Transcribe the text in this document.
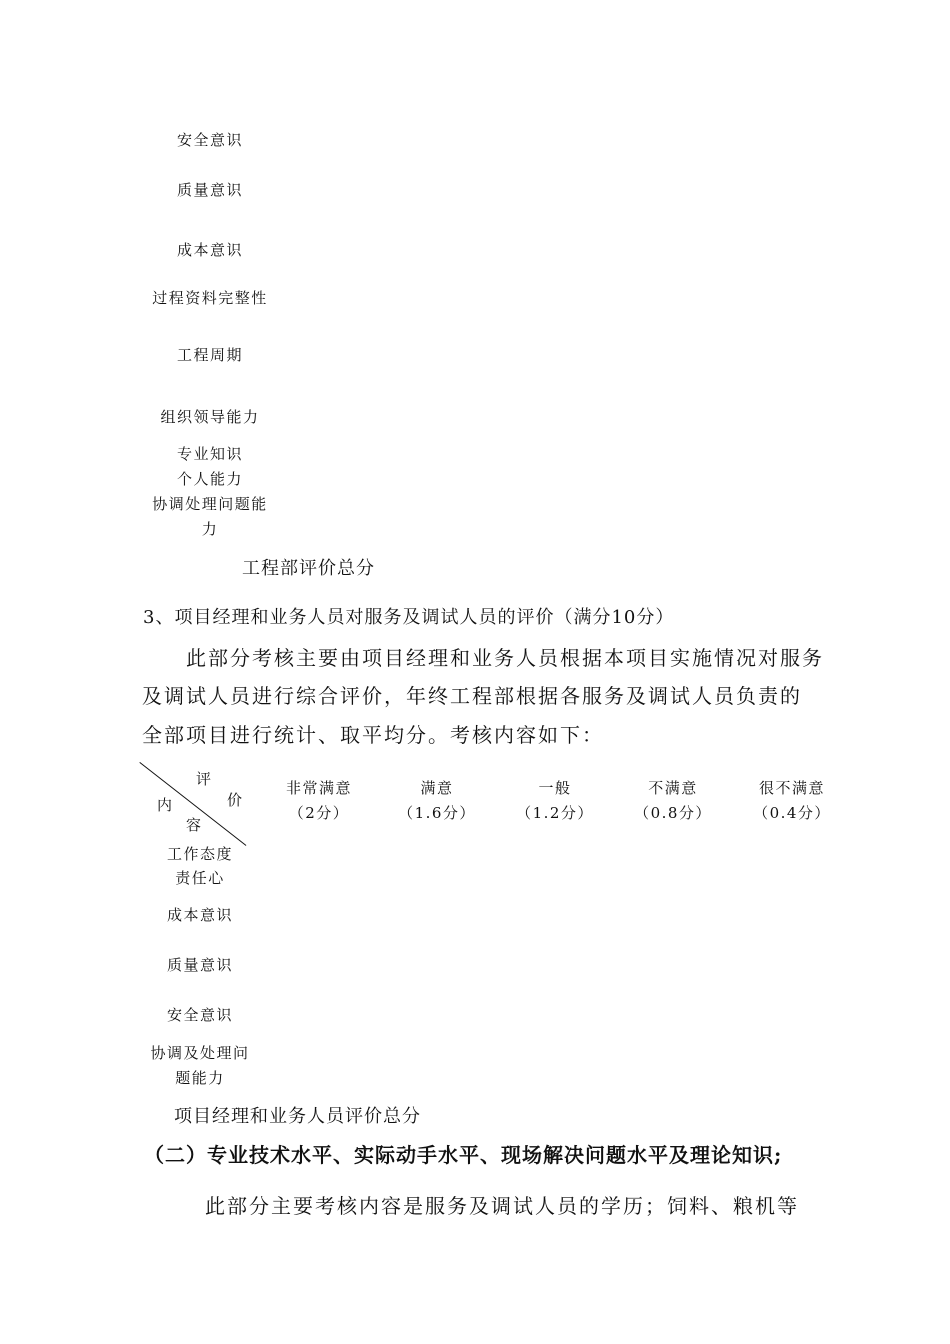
安全意识
质量意识
成本意识
过程资料完整性
工程周期
组织领导能力
专业知识
个人能力
协调处理问题能
力
工程部评价总分
3、项目经理和业务人员对服务及调试人员的评价（满分10分）
此部分考核主要由项目经理和业务人员根据本项目实施情况对服务
及调试人员进行综合评价，年终工程部根据各服务及调试人员负责的
全部项目进行统计、取平均分。考核内容如下：
评
价
内
容
非常满意
（2分）
满意
（1.6分）
一般
（1.2分）
不满意
（0.8分）
很不满意
（0.4分）
工作态度
责任心
成本意识
质量意识
安全意识
协调及处理问
题能力
项目经理和业务人员评价总分
（二）专业技术水平、实际动手水平、现场解决问题水平及理论知识;
此部分主要考核内容是服务及调试人员的学历；饲料、粮机等
